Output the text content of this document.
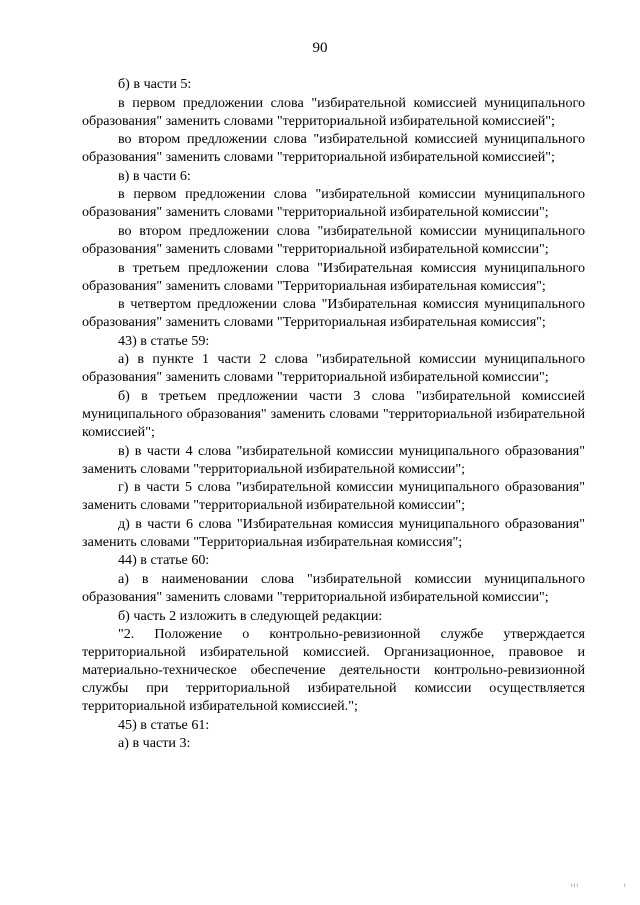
90

б) в части 5:

в первом предложении слова "избирательной комиссией муниципального образования" заменить словами "территориальной избирательной комиссией";

во втором предложении слова "избирательной комиссией муниципального образования" заменить словами "территориальной избирательной комиссией";

в) в части 6:

в первом предложении слова "избирательной комиссии муниципального образования" заменить словами "территориальной избирательной комиссии";

во втором предложении слова "избирательной комиссии муниципального образования" заменить словами "территориальной избирательной комиссии";

в третьем предложении слова "Избирательная комиссия муниципального образования" заменить словами "Территориальная избирательная комиссия";

в четвертом предложении слова "Избирательная комиссия муниципального образования" заменить словами "Территориальная избирательная комиссия";

43) в статье 59:

а) в пункте 1 части 2 слова "избирательной комиссии муниципального образования" заменить словами "территориальной избирательной комиссии";

б) в третьем предложении части 3 слова "избирательной комиссией муниципального образования" заменить словами "территориальной избирательной комиссией";

в) в части 4 слова "избирательной комиссии муниципального образования" заменить словами "территориальной избирательной комиссии";

г) в части 5 слова "избирательной комиссии муниципального образования" заменить словами "территориальной избирательной комиссии";

д) в части 6 слова "Избирательная комиссия муниципального образования" заменить словами "Территориальная избирательная комиссия";

44) в статье 60:

а) в наименовании слова "избирательной комиссии муниципального образования" заменить словами "территориальной избирательной комиссии";

б) часть 2 изложить в следующей редакции:

"2. Положение о контрольно-ревизионной службе утверждается территориальной избирательной комиссией. Организационное, правовое и материально-техническое обеспечение деятельности контрольно-ревизионной службы при территориальной избирательной комиссии осуществляется территориальной избирательной комиссией.";

45) в статье 61:

а) в части 3:

ııı	ı
